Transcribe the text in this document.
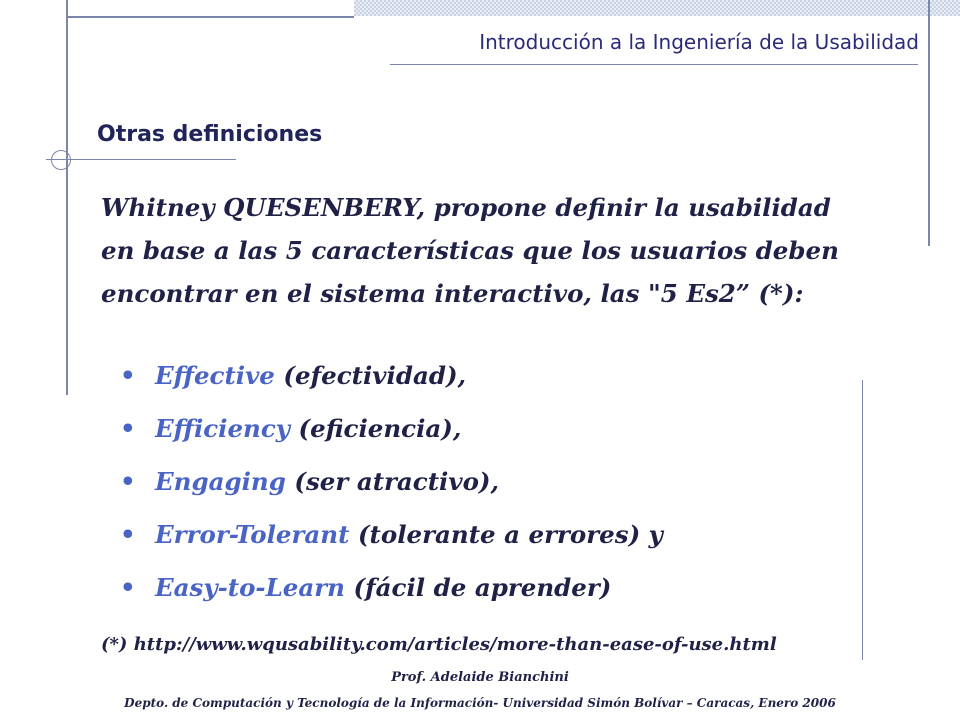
Introducción a la Ingeniería de la Usabilidad
Otras definiciones
Whitney QUESENBERY, propone definir la usabilidad en base a las 5 características que los usuarios deben encontrar en el sistema interactivo, las "5 Es2” (*):
• Effective (efectividad),
• Efficiency (eficiencia),
• Engaging (ser atractivo),
• Error-Tolerant (tolerante a errores) y
• Easy-to-Learn (fácil de aprender)
(*) http://www.wqusability.com/articles/more-than-ease-of-use.html
Prof. Adelaide Bianchini
Depto. de Computación y Tecnología de la Información- Universidad Simón Bolívar – Caracas, Enero 2006
